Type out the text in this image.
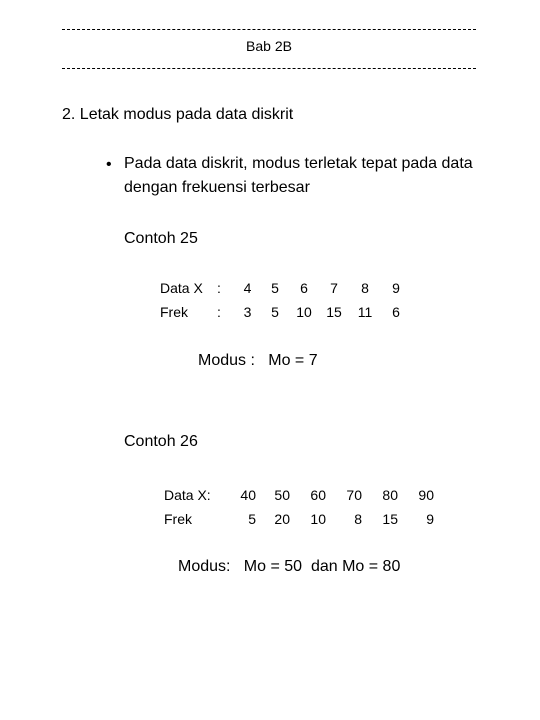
Bab 2B
2. Letak modus pada data diskrit
• Pada data diskrit, modus terletak tepat pada data dengan frekuensi terbesar
Contoh 25
Data X	:	4	5	6	7	8	9
Frek	:	3	5	10	15	11	6
Modus :   Mo = 7
Contoh 26
Data X:	40	50	60	70	80	90
Frek	5	20	10	8	15	9
Modus:   Mo = 50  dan Mo = 80
